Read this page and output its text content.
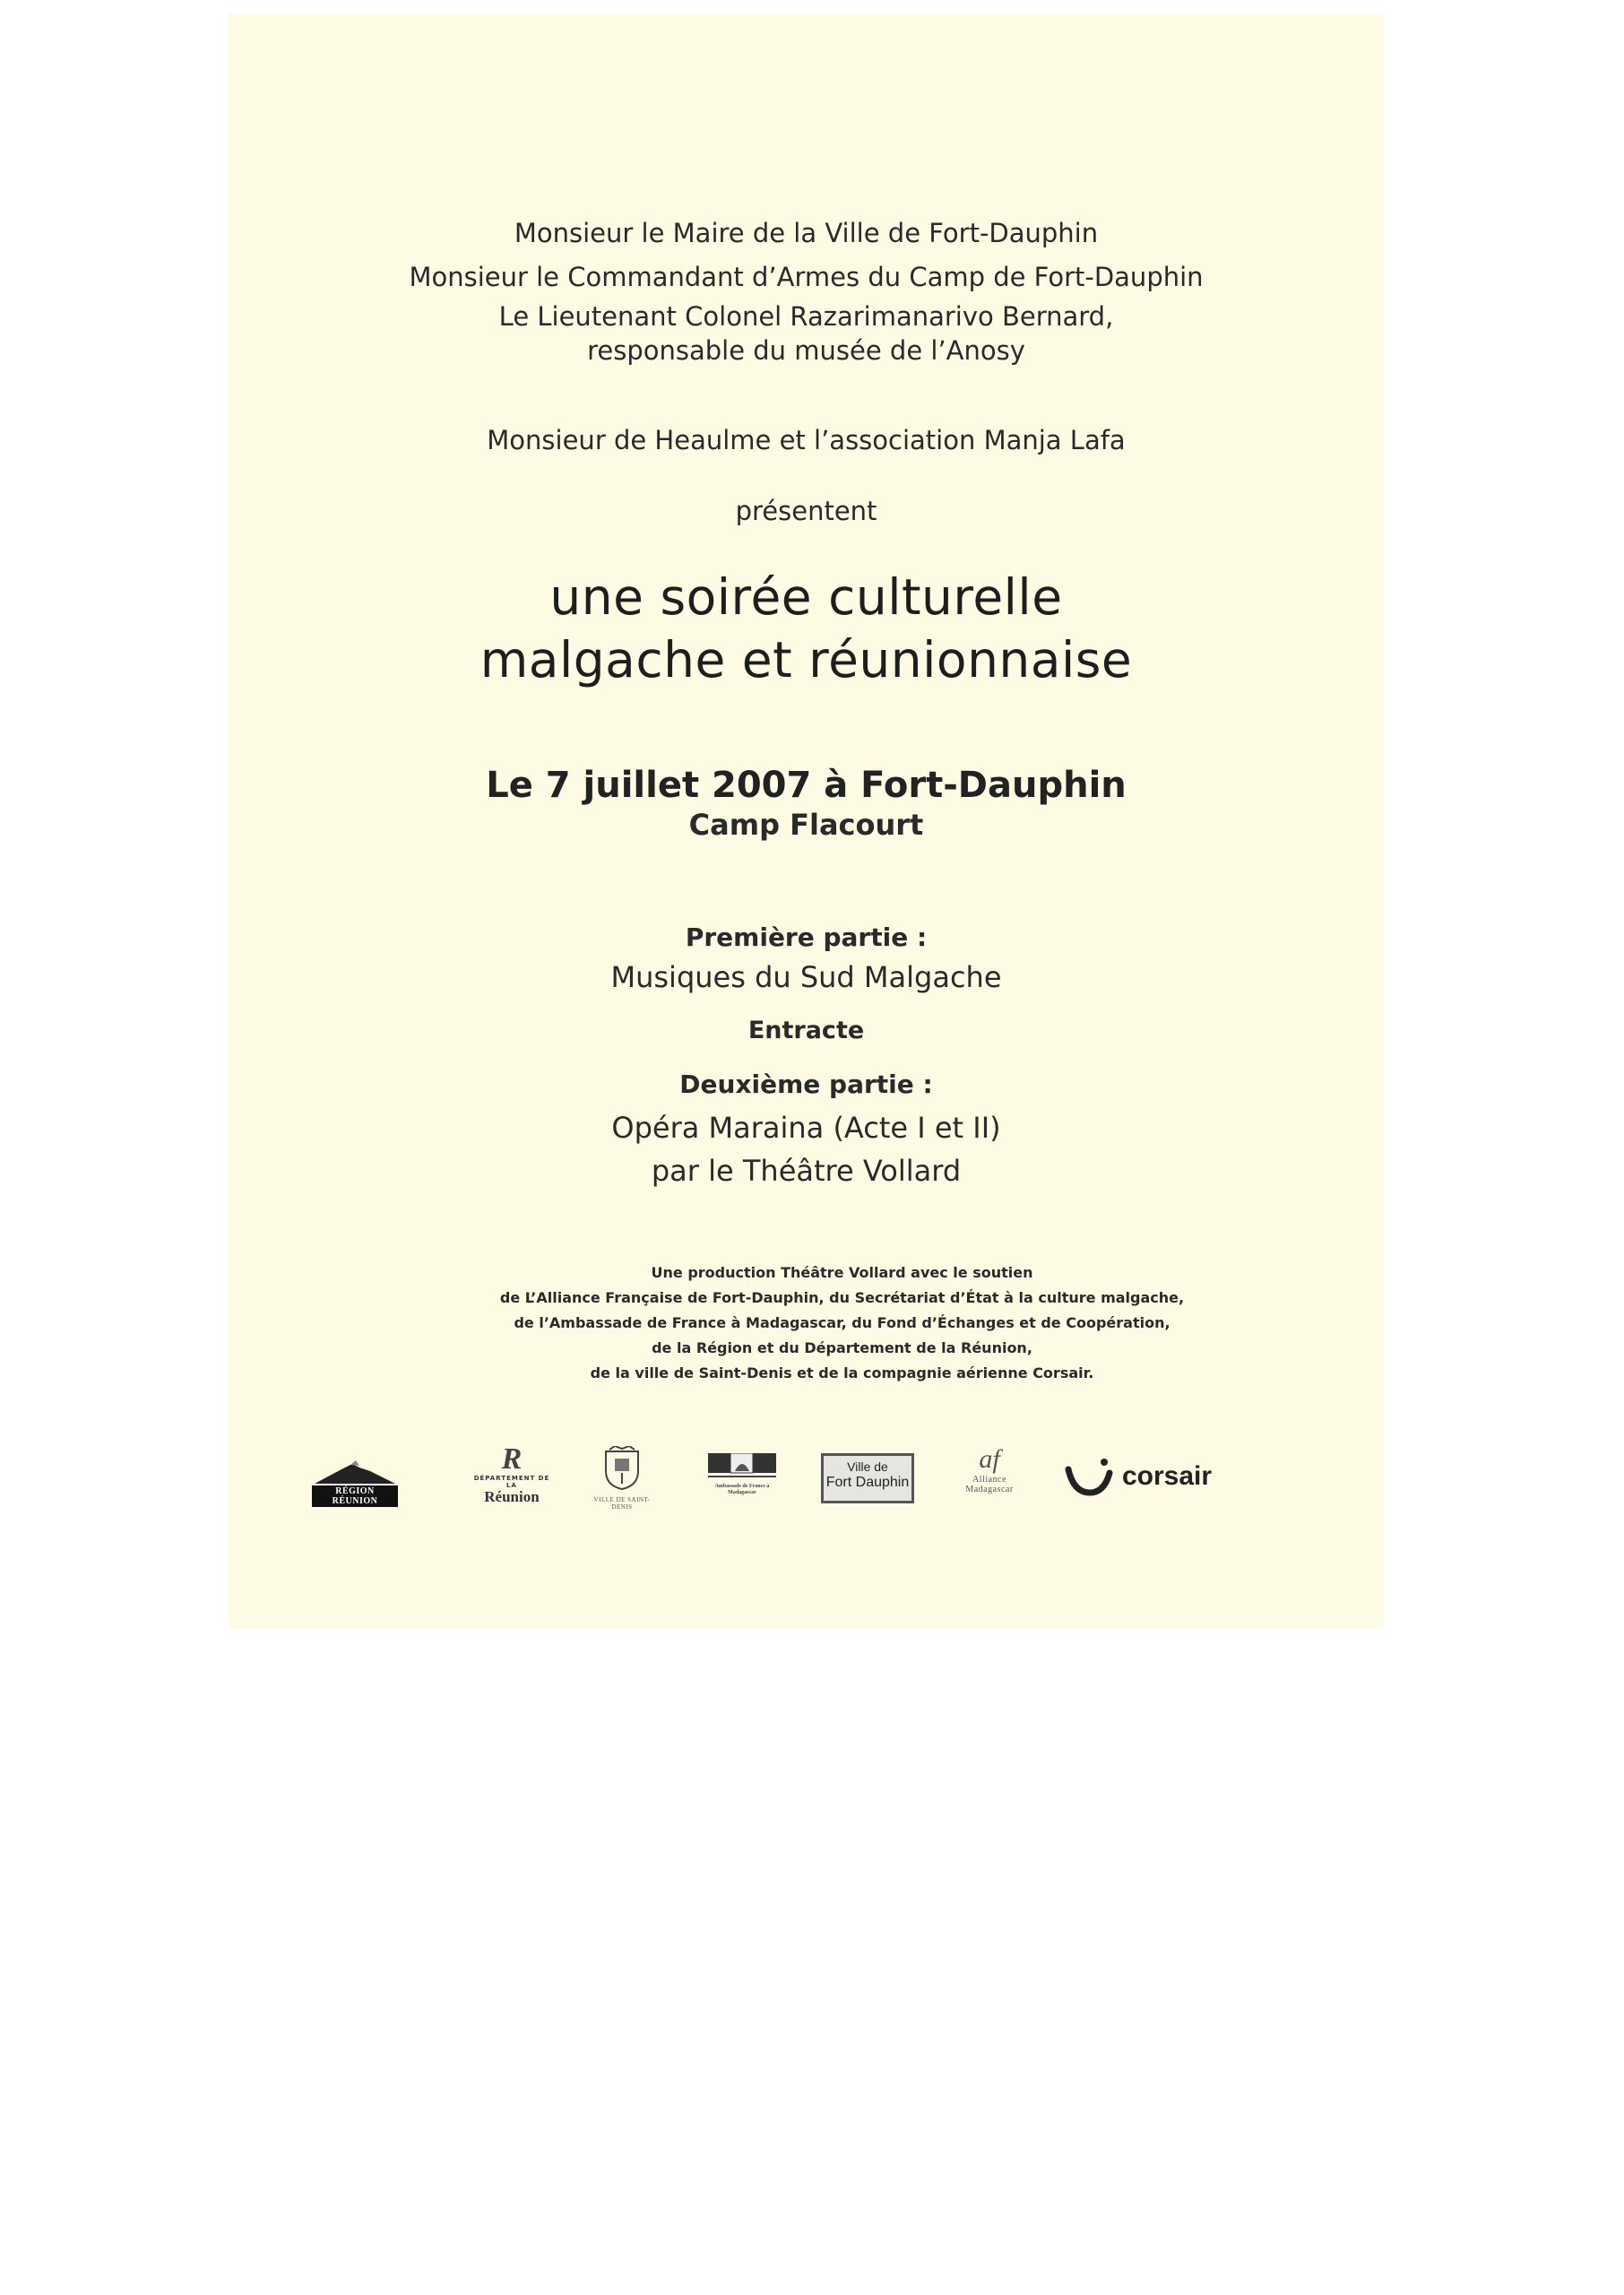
Monsieur le Maire de la Ville de Fort-Dauphin
Monsieur le Commandant d’Armes du Camp de Fort-Dauphin
Le Lieutenant Colonel Razarimanarivo Bernard,
responsable du musée de l’Anosy
Monsieur de Heaulme et l’association Manja Lafa
présentent
une soirée culturelle
malgache et réunionnaise
Le 7 juillet 2007 à Fort-Dauphin
Camp Flacourt
Première partie :
Musiques du Sud Malgache
Entracte
Deuxième partie :
Opéra Maraina (Acte I et II)
par le Théâtre Vollard
Une production Théâtre Vollard avec le soutien
de L’Alliance Française de Fort-Dauphin, du Secrétariat d’État à la culture malgache,
de l’Ambassade de France à Madagascar, du Fond d’Échanges et de Coopération,
de la Région et du Département de la Réunion,
de la ville de Saint-Denis et de la compagnie aérienne Corsair.
RÉGION RÉUNION
R
DÉPARTEMENT DE LA
Réunion	VILLE DE SAINT-DENIS
Ambassade de France à Madagascar
Ville de
Fort Dauphin
af
Alliance
Madagascar	corsair
